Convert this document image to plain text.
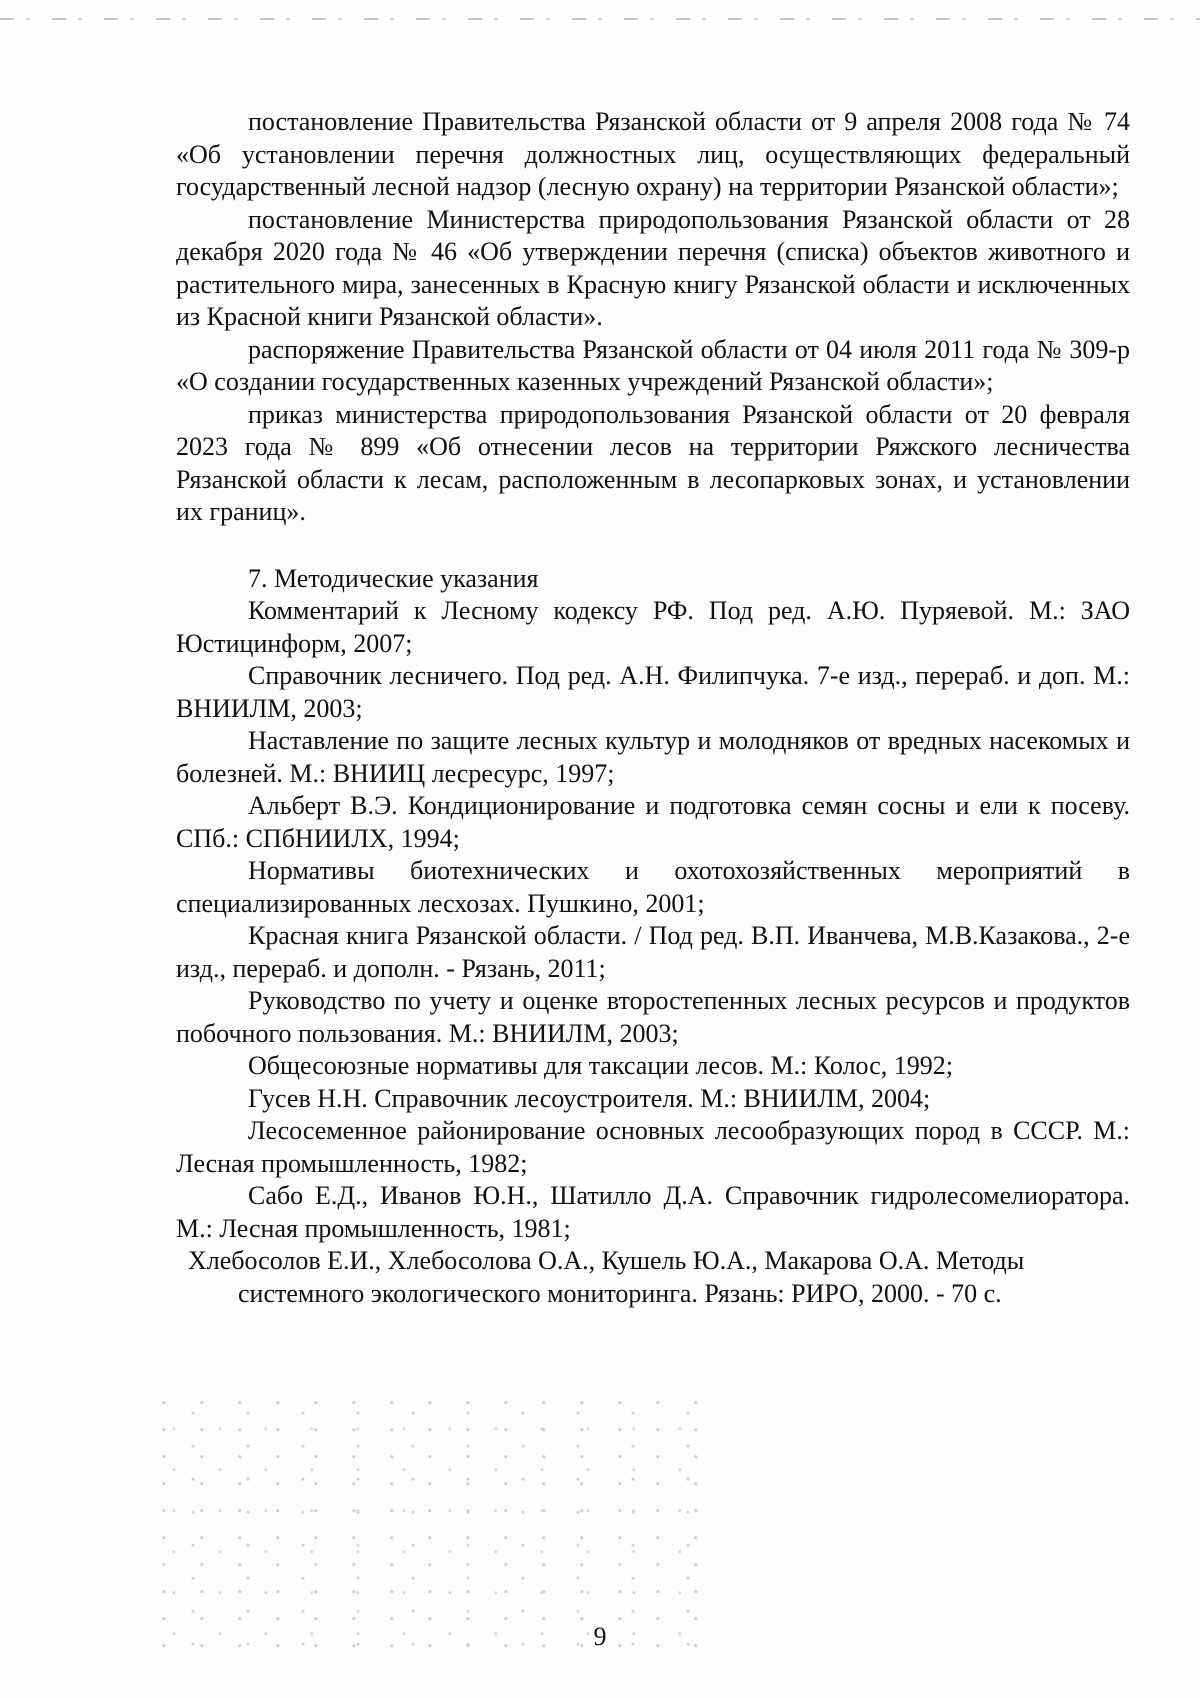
постановление Правительства Рязанской области от 9 апреля 2008 года № 74 «Об установлении перечня должностных лиц, осуществляющих федеральный государственный лесной надзор (лесную охрану) на территории Рязанской области»;

постановление Министерства природопользования Рязанской области от 28 декабря 2020 года № 46 «Об утверждении перечня (списка) объектов животного и растительного мира, занесенных в Красную книгу Рязанской области и исключенных из Красной книги Рязанской области».

распоряжение Правительства Рязанской области от 04 июля 2011 года № 309-р «О создании государственных казенных учреждений Рязанской области»;

приказ министерства природопользования Рязанской области от 20 февраля 2023 года № 899 «Об отнесении лесов на территории Ряжского лесничества Рязанской области к лесам, расположенным в лесопарковых зонах, и установлении их границ».

7. Методические указания

Комментарий к Лесному кодексу РФ. Под ред. А.Ю. Пуряевой. М.: ЗАО Юстицинформ, 2007;

Справочник лесничего. Под ред. А.Н. Филипчука. 7-е изд., перераб. и доп. М.: ВНИИЛМ, 2003;

Наставление по защите лесных культур и молодняков от вредных насекомых и болезней. М.: ВНИИЦ лесресурс, 1997;

Альберт В.Э. Кондиционирование и подготовка семян сосны и ели к посеву. СПб.: СПбНИИЛХ, 1994;

Нормативы биотехнических и охотохозяйственных мероприятий в специализированных лесхозах. Пушкино, 2001;

Красная книга Рязанской области. / Под ред. В.П. Иванчева, М.В.Казакова., 2-е изд., перераб. и дополн. - Рязань, 2011;

Руководство по учету и оценке второстепенных лесных ресурсов и продуктов побочного пользования. М.: ВНИИЛМ, 2003;

Общесоюзные нормативы для таксации лесов. М.: Колос, 1992;

Гусев Н.Н. Справочник лесоустроителя. М.: ВНИИЛМ, 2004;

Лесосеменное районирование основных лесообразующих пород в СССР. М.: Лесная промышленность, 1982;

Сабо Е.Д., Иванов Ю.Н., Шатилло Д.А. Справочник гидролесомелиоратора. М.: Лесная промышленность, 1981;

Хлебосолов Е.И., Хлебосолова О.А., Кушель Ю.А., Макарова О.А. Методы системного экологического мониторинга. Рязань: РИРО, 2000. - 70 с.

9
